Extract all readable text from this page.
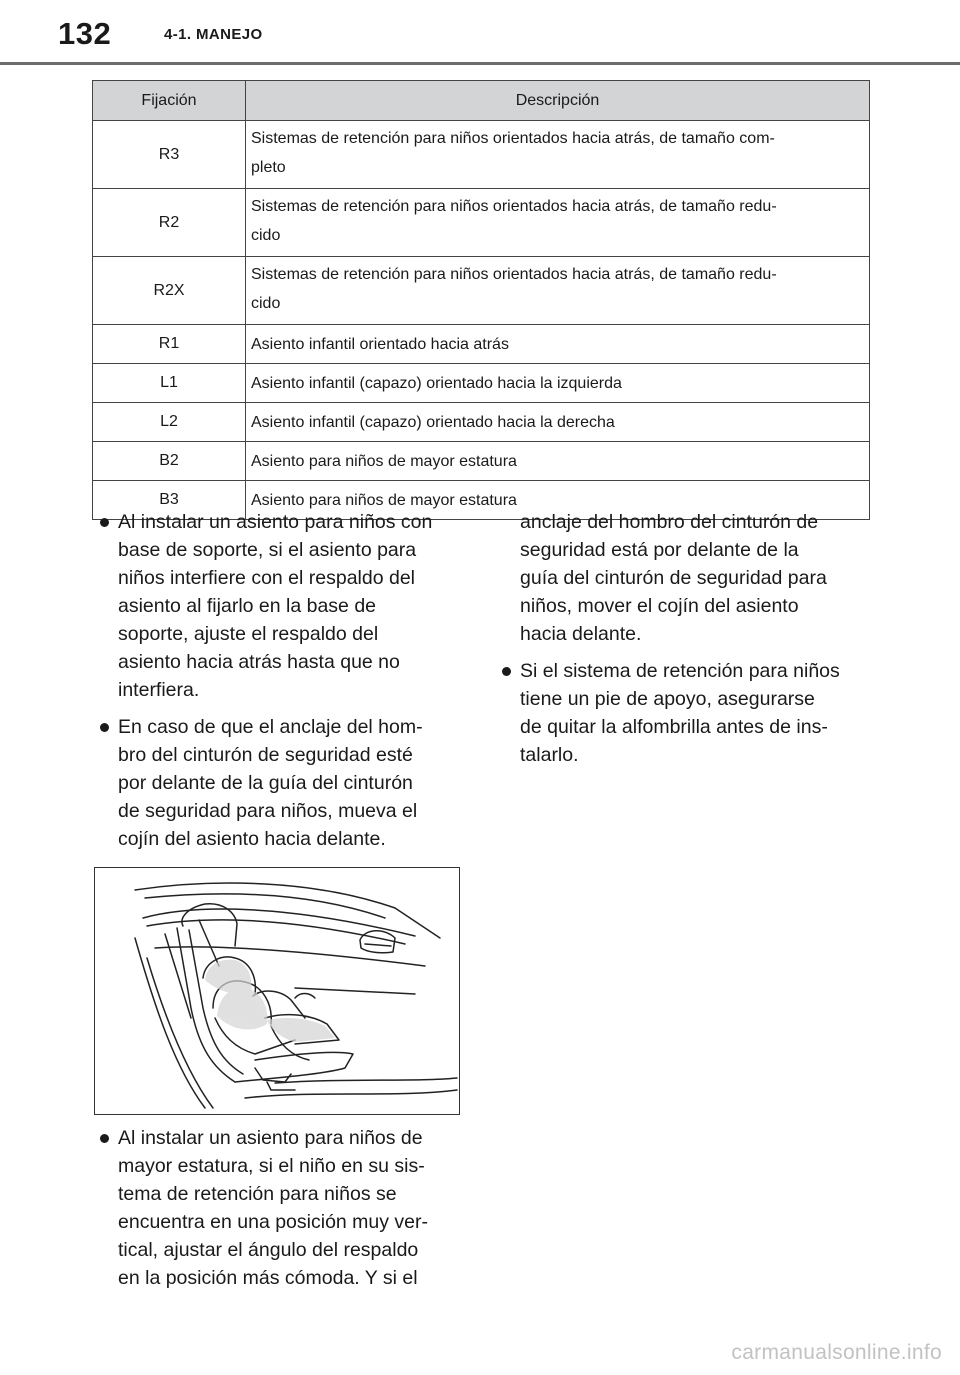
132	4-1. MANEJO
Fijación	Descripción
R3	Sistemas de retención para niños orientados hacia atrás, de tamaño com-
pleto
R2	Sistemas de retención para niños orientados hacia atrás, de tamaño redu-
cido
R2X	Sistemas de retención para niños orientados hacia atrás, de tamaño redu-
cido
R1	Asiento infantil orientado hacia atrás
L1	Asiento infantil (capazo) orientado hacia la izquierda
L2	Asiento infantil (capazo) orientado hacia la derecha
B2	Asiento para niños de mayor estatura
B3	Asiento para niños de mayor estatura
Al instalar un asiento para niños con
base de soporte, si el asiento para
niños interfiere con el respaldo del
asiento al fijarlo en la base de
soporte, ajuste el respaldo del
asiento hacia atrás hasta que no
interfiera.
En caso de que el anclaje del hom-
bro del cinturón de seguridad esté
por delante de la guía del cinturón
de seguridad para niños, mueva el
cojín del asiento hacia delante.
Al instalar un asiento para niños de
mayor estatura, si el niño en su sis-
tema de retención para niños se
encuentra en una posición muy ver-
tical, ajustar el ángulo del respaldo
en la posición más cómoda. Y si el
anclaje del hombro del cinturón de
seguridad está por delante de la
guía del cinturón de seguridad para
niños, mover el cojín del asiento
hacia delante.
Si el sistema de retención para niños
tiene un pie de apoyo, asegurarse
de quitar la alfombrilla antes de ins-
talarlo.
carmanualsonline.info
